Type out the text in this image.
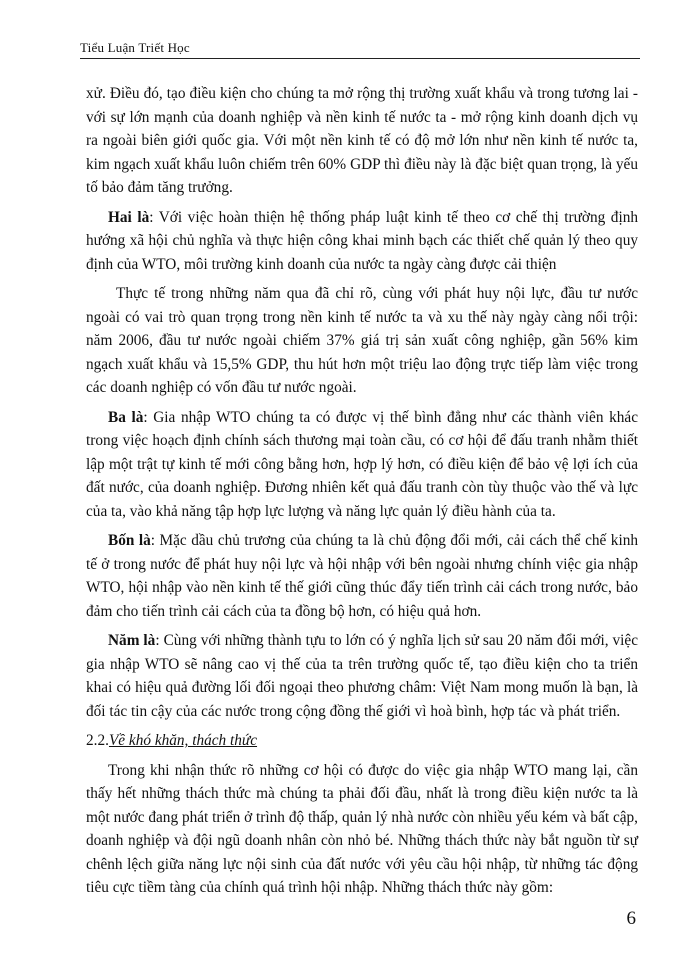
Tiểu Luận Triết Học

xử. Điều đó, tạo điều kiện cho chúng ta mở rộng thị trường xuất khẩu và trong tương lai - với sự lớn mạnh của doanh nghiệp và nền kinh tế nước ta - mở rộng kinh doanh dịch vụ ra ngoài biên giới quốc gia. Với một nền kinh tế có độ mở lớn như nền kinh tế nước ta, kim ngạch xuất khẩu luôn chiếm trên 60% GDP thì điều này là đặc biệt quan trọng, là yếu tố bảo đảm tăng trưởng.

Hai là: Với việc hoàn thiện hệ thống pháp luật kinh tế theo cơ chế thị trường định hướng xã hội chủ nghĩa và thực hiện công khai minh bạch các thiết chế quản lý theo quy định của WTO, môi trường kinh doanh của nước ta ngày càng được cải thiện

Thực tế trong những năm qua đã chỉ rõ, cùng với phát huy nội lực, đầu tư nước ngoài có vai trò quan trọng trong nền kinh tế nước ta và xu thế này ngày càng nổi trội: năm 2006, đầu tư nước ngoài chiếm 37% giá trị sản xuất công nghiệp, gần 56% kim ngạch xuất khẩu và 15,5% GDP, thu hút hơn một triệu lao động trực tiếp làm việc trong các doanh nghiệp có vốn đầu tư nước ngoài.

Ba là: Gia nhập WTO chúng ta có được vị thế bình đẳng như các thành viên khác trong việc hoạch định chính sách thương mại toàn cầu, có cơ hội để đấu tranh nhằm thiết lập một trật tự kinh tế mới công bằng hơn, hợp lý hơn, có điều kiện để bảo vệ lợi ích của đất nước, của doanh nghiệp. Đương nhiên kết quả đấu tranh còn tùy thuộc vào thế và lực của ta, vào khả năng tập hợp lực lượng và năng lực quản lý điều hành của ta.

Bốn là: Mặc dầu chủ trương của chúng ta là chủ động đổi mới, cải cách thể chế kinh tế ở trong nước để phát huy nội lực và hội nhập với bên ngoài nhưng chính việc gia nhập WTO, hội nhập vào nền kinh tế thế giới cũng thúc đẩy tiến trình cải cách trong nước, bảo đảm cho tiến trình cải cách của ta đồng bộ hơn, có hiệu quả hơn.

Năm là: Cùng với những thành tựu to lớn có ý nghĩa lịch sử sau 20 năm đổi mới, việc gia nhập WTO sẽ nâng cao vị thế của ta trên trường quốc tế, tạo điều kiện cho ta triển khai có hiệu quả đường lối đối ngoại theo phương châm: Việt Nam mong muốn là bạn, là đối tác tin cậy của các nước trong cộng đồng thế giới vì hoà bình, hợp tác và phát triển.

2.2.Về khó khăn, thách thức

Trong khi nhận thức rõ những cơ hội có được do việc gia nhập WTO mang lại, cần thấy hết những thách thức mà chúng ta phải đối đầu, nhất là trong điều kiện nước ta là một nước đang phát triển ở trình độ thấp, quản lý nhà nước còn nhiều yếu kém và bất cập, doanh nghiệp và đội ngũ doanh nhân còn nhỏ bé. Những thách thức này bắt nguồn từ sự chênh lệch giữa năng lực nội sinh của đất nước với yêu cầu hội nhập, từ những tác động tiêu cực tiềm tàng của chính quá trình hội nhập. Những thách thức này gồm:

6
